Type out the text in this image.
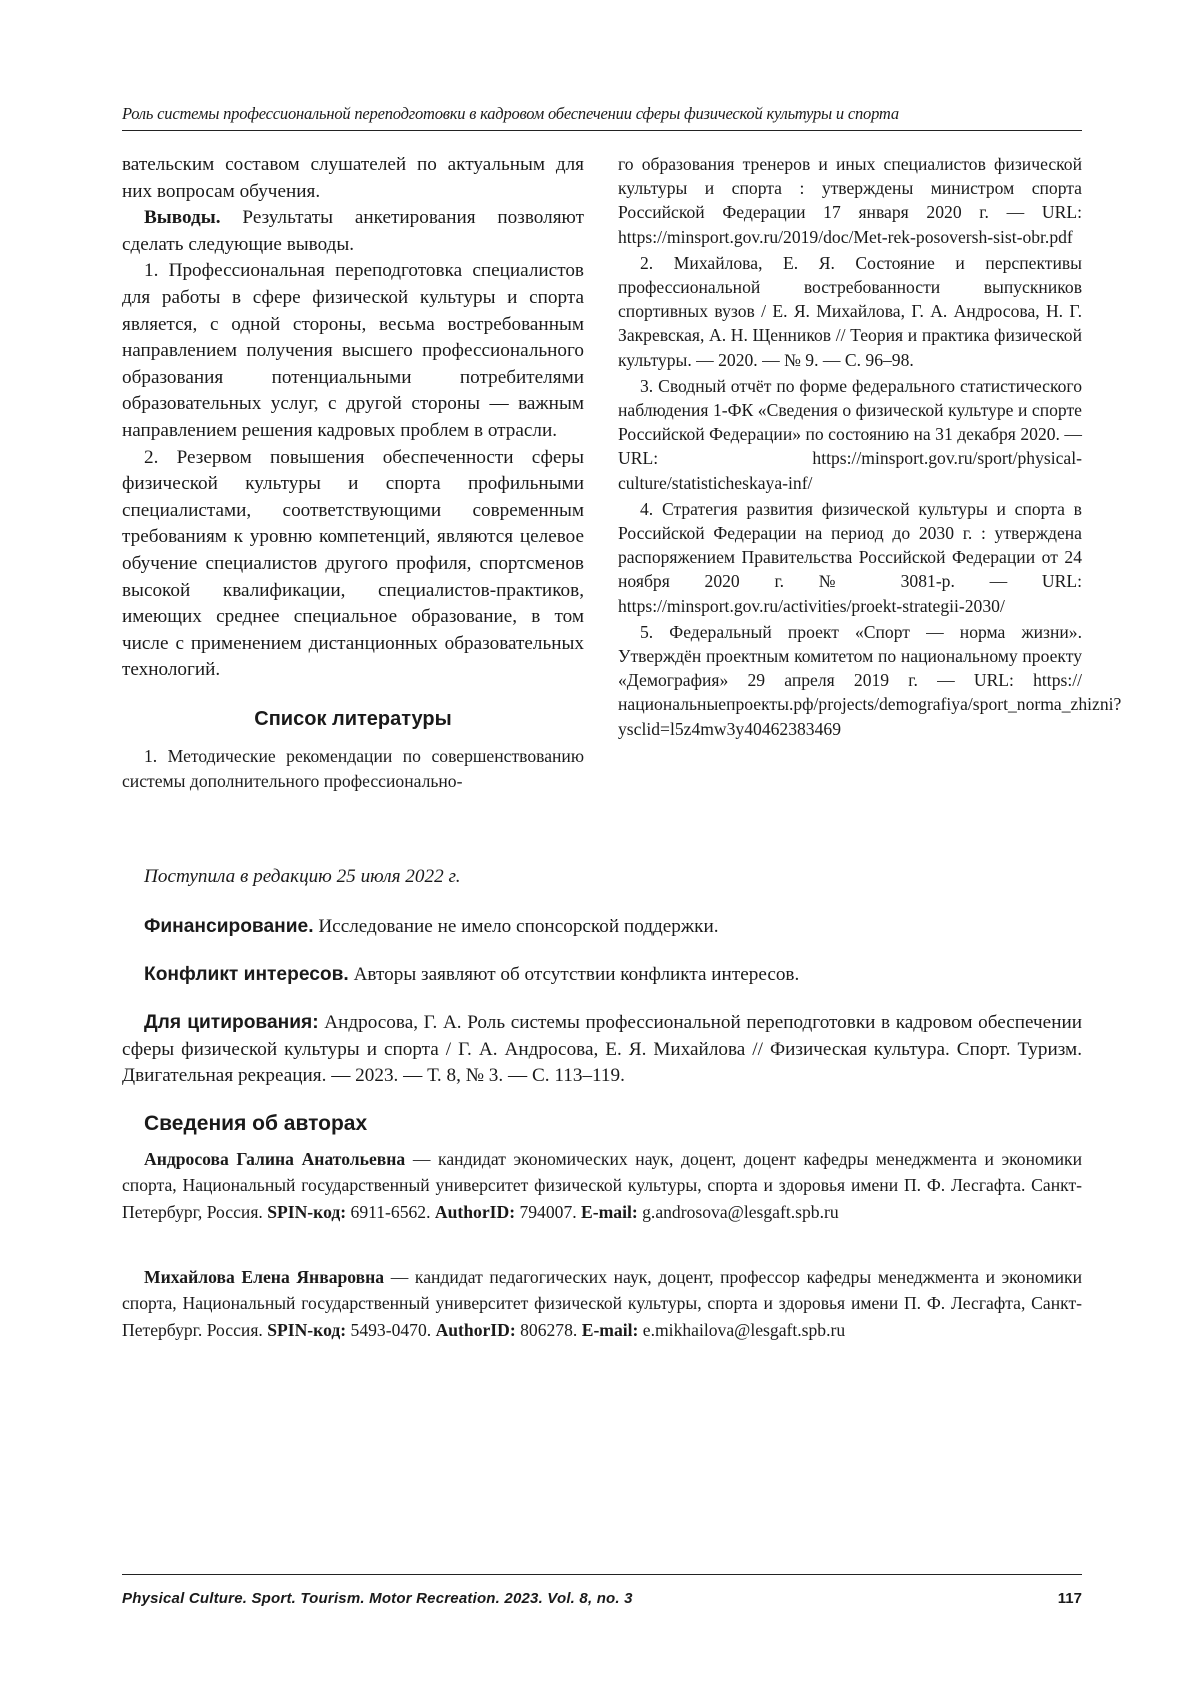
Роль системы профессиональной переподготовки в кадровом обеспечении сферы физической культуры и спорта

вательским составом слушателей по актуальным для них вопросам обучения.

Выводы. Результаты анкетирования позволяют сделать следующие выводы.

1. Профессиональная переподготовка специалистов для работы в сфере физической культуры и спорта является, с одной стороны, весьма востребованным направлением получения высшего профессионального образования потенциальными потребителями образовательных услуг, с другой стороны — важным направлением решения кадровых проблем в отрасли.

2. Резервом повышения обеспеченности сферы физической культуры и спорта профильными специалистами, соответствующими современным требованиям к уровню компетенций, являются целевое обучение специалистов другого профиля, спортсменов высокой квалификации, специалистов-практиков, имеющих среднее специальное образование, в том числе с применением дистанционных образовательных технологий.

Список литературы

1. Методические рекомендации по совершенствованию системы дополнительного профессионально-

го образования тренеров и иных специалистов физической культуры и спорта : утверждены министром спорта Российской Федерации 17 января 2020 г. — URL: https://minsport.gov.ru/2019/doc/Met-rek-posoversh-sist-obr.pdf

2. Михайлова, Е. Я. Состояние и перспективы профессиональной востребованности выпускников спортивных вузов / Е. Я. Михайлова, Г. А. Андросова, Н. Г. Закревская, А. Н. Щенников // Теория и практика физической культуры. — 2020. — № 9. — С. 96–98.

3. Сводный отчёт по форме федерального статистического наблюдения 1-ФК «Сведения о физической культуре и спорте Российской Федерации» по состоянию на 31 декабря 2020. — URL: https://minsport.gov.ru/sport/physical-culture/statisticheskaya-inf/

4. Стратегия развития физической культуры и спорта в Российской Федерации на период до 2030 г. : утверждена распоряжением Правительства Российской Федерации от 24 ноября 2020 г. № 3081-р. — URL: https://minsport.gov.ru/activities/proekt-strategii-2030/

5. Федеральный проект «Спорт — норма жизни». Утверждён проектным комитетом по национальному проекту «Демография» 29 апреля 2019 г. — URL: https://национальныепроекты.рф/projects/demografiya/sport_norma_zhizni?ysclid=l5z4mw3y40462383469

Поступила в редакцию 25 июля 2022 г.
Финансирование. Исследование не имело спонсорской поддержки.
Конфликт интересов. Авторы заявляют об отсутствии конфликта интересов.
Для цитирования: Андросова, Г. А. Роль системы профессиональной переподготовки в кадровом обеспечении сферы физической культуры и спорта / Г. А. Андросова, Е. Я. Михайлова // Физическая культура. Спорт. Туризм. Двигательная рекреация. — 2023. — Т. 8, № 3. — С. 113–119.
Сведения об авторах
Андросова Галина Анатольевна — кандидат экономических наук, доцент, доцент кафедры менеджмента и экономики спорта, Национальный государственный университет физической культуры, спорта и здоровья имени П. Ф. Лесгафта. Санкт-Петербург, Россия. SPIN-код: 6911-6562. AuthorID: 794007. E-mail: g.androsova@lesgaft.spb.ru
Михайлова Елена Январовна — кандидат педагогических наук, доцент, профессор кафедры менеджмента и экономики спорта, Национальный государственный университет физической культуры, спорта и здоровья имени П. Ф. Лесгафта, Санкт-Петербург. Россия. SPIN-код: 5493-0470. AuthorID: 806278. E-mail: e.mikhailova@lesgaft.spb.ru
Physical Culture. Sport. Tourism. Motor Recreation. 2023. Vol. 8, no. 3	117
